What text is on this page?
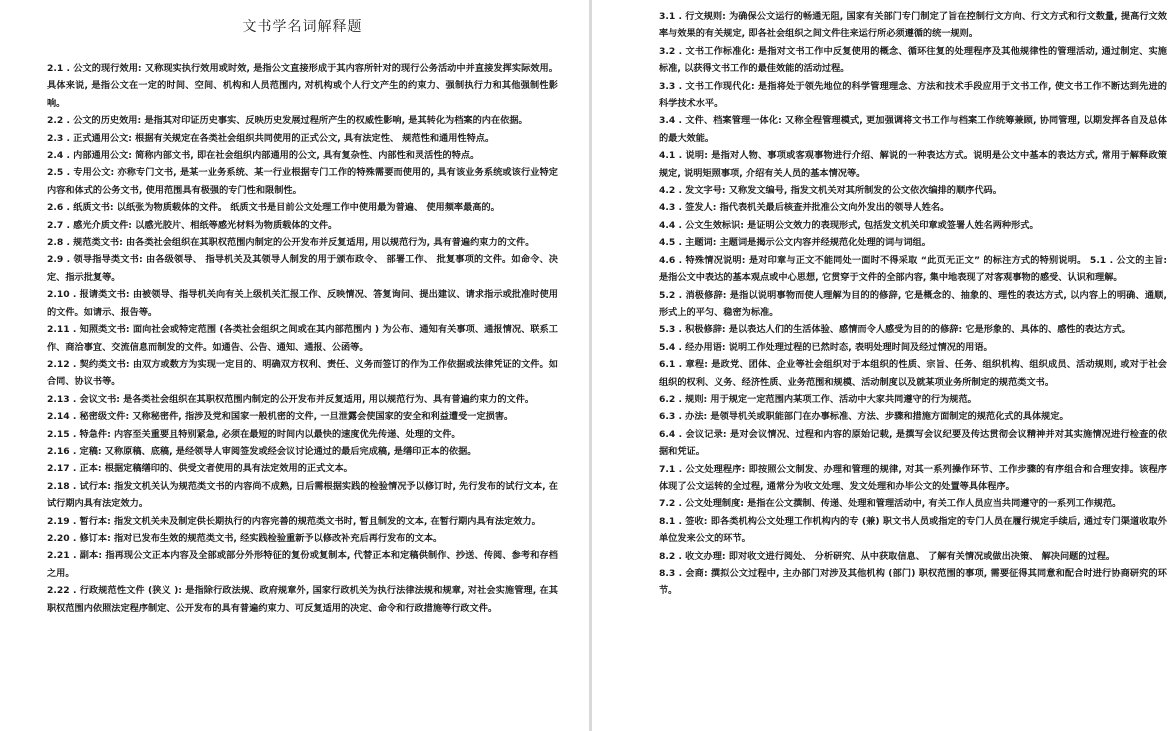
文书学名词解释题

2.1 . 公文的现行效用: 又称现实执行效用或时效, 是指公文直接形成于其内容所针对的现行公务活动中并直接发挥实际效用。具体来说, 是指公文在一定的时间、空间、机构和人员范围内, 对机构或个人行文产生的约束力、强制执行力和其他强制性影响。

2.2 . 公文的历史效用: 是指其对印证历史事实、反映历史发展过程所产生的权威性影响, 是其转化为档案的内在依据。

2.3 . 正式通用公文: 根据有关规定在各类社会组织共同使用的正式公文, 具有法定性、 规范性和通用性特点。

2.4 . 内部通用公文: 简称内部文书, 即在社会组织内部通用的公文, 具有复杂性、内部性和灵活性的特点。

2.5 . 专用公文: 亦称专门文书, 是某一业务系统、某一行业根据专门工作的特殊需要而使用的, 具有该业务系统或该行业特定内容和体式的公务文书, 使用范围具有极强的专门性和限制性。

2.6 . 纸质文书: 以纸张为物质载体的文件。 纸质文书是目前公文处理工作中使用最为普遍、 使用频率最高的。

2.7 . 感光介质文件: 以感光胶片、相纸等感光材料为物质载体的文件。

2.8 . 规范类文书: 由各类社会组织在其职权范围内制定的公开发布并反复适用, 用以规范行为, 具有普遍约束力的文件。

2.9 . 领导指导类文书: 由各级领导、 指导机关及其领导人制发的用于颁布政令、 部署工作、 批复事项的文件。如命令、决定、指示批复等。

2.10 . 报请类文书: 由被领导、指导机关向有关上级机关汇报工作、反映情况、答复询问、提出建议、请求指示或批准时使用的文件。如请示、报告等。

2.11 . 知照类文书: 面向社会或特定范围 (各类社会组织之间或在其内部范围内 ) 为公布、通知有关事项、通报情况、联系工作、商洽事宜、交流信息而制发的文件。如通告、公告、通知、通报、公函等。

2.12 . 契约类文书: 由双方或数方为实现一定目的、明确双方权利、责任、义务而签订的作为工作依据或法律凭证的文件。如合同、协议书等。

2.13 . 会议文书: 是各类社会组织在其职权范围内制定的公开发布并反复适用, 用以规范行为、具有普遍约束力的文件。

2.14 . 秘密级文件: 又称秘密件, 指涉及党和国家一般机密的文件, 一旦泄露会使国家的安全和利益遭受一定损害。

2.15 . 特急件: 内容至关重要且特别紧急, 必须在最短的时间内以最快的速度优先传递、处理的文件。

2.16 . 定稿: 又称原稿、底稿, 是经领导人审阅签发或经会议讨论通过的最后完成稿, 是缮印正本的依据。

2.17 . 正本: 根据定稿缮印的、供受文者使用的具有法定效用的正式文本。

2.18 . 试行本: 指发文机关认为规范类文书的内容尚不成熟, 日后需根据实践的检验情况予以修订时, 先行发布的试行文本, 在试行期内具有法定效力。

2.19 . 暂行本: 指发文机关未及制定供长期执行的内容完善的规范类文书时, 暂且制发的文本, 在暂行期内具有法定效力。

2.20 . 修订本: 指对已发布生效的规范类文书, 经实践检验重新予以修改补充后再行发布的文本。

2.21 . 副本: 指再现公文正本内容及全部或部分外形特征的复份或复制本, 代替正本和定稿供制作、抄送、传阅、参考和存档之用。

2.22 . 行政规范性文件 (狭义 ): 是指除行政法规、政府规章外, 国家行政机关为执行法律法规和规章, 对社会实施管理, 在其职权范围内依照法定程序制定、公开发布的具有普遍约束力、可反复适用的决定、命令和行政措施等行政文件。

3.1 . 行文规则: 为确保公文运行的畅通无阻, 国家有关部门专门制定了旨在控制行文方向、行文方式和行文数量, 提高行文效率与效果的有关规定, 即各社会组织之间文件往来运行所必须遵循的统一规则。

3.2 . 文书工作标准化: 是指对文书工作中反复使用的概念、循环往复的处理程序及其他规律性的管理活动, 通过制定、实施标准, 以获得文书工作的最佳效能的活动过程。

3.3 . 文书工作现代化: 是指将处于领先地位的科学管理理念、方法和技术手段应用于文书工作, 使文书工作不断达到先进的科学技术水平。

3.4 . 文件、档案管理一体化: 又称全程管理模式, 更加强调将文书工作与档案工作统筹兼顾, 协同管理, 以期发挥各自及总体的最大效能。

4.1 . 说明: 是指对人物、事项或客观事物进行介绍、解说的一种表达方式。说明是公文中基本的表达方式, 常用于解释政策规定, 说明矩照事项, 介绍有关人员的基本情况等。

4.2 . 发文字号: 又称发文编号, 指发文机关对其所制发的公文依次编排的顺序代码。

4.3 . 签发人: 指代表机关最后核查并批准公文向外发出的领导人姓名。

4.4 . 公文生效标识: 是证明公文效力的表现形式, 包括发文机关印章或签署人姓名两种形式。

4.5 . 主题词: 主题词是揭示公文内容并经规范化处理的词与词组。

4.6 . 特殊情况说明: 是对印章与正文不能同处一面时不得采取 “此页无正文” 的标注方式的特别说明。 5.1 . 公文的主旨: 是指公文中表达的基本观点或中心思想, 它贯穿于文件的全部内容, 集中地表现了对客观事物的感受、认识和理解。

5.2 . 消极修辞: 是指以说明事物而使人理解为目的的修辞, 它是概念的、抽象的、理性的表达方式, 以内容上的明确、通顺, 形式上的平匀、稳密为标准。

5.3 . 积极修辞: 是以表达人们的生活体验、感情而令人感受为目的的修辞: 它是形象的、具体的、感性的表达方式。

5.4 . 经办用语: 说明工作处理过程的已然时态, 表明处理时间及经过情况的用语。

6.1 . 章程: 是政党、团体、企业等社会组织对于本组织的性质、宗旨、任务、组织机构、组织成员、活动规则, 或对于社会组织的权利、义务、经济性质、业务范围和规模、活动制度以及就某项业务所制定的规范类文书。

6.2 . 规则: 用于规定一定范围内某项工作、活动中大家共同遵守的行为规范。

6.3 . 办法: 是领导机关或职能部门在办事标准、方法、步骤和措施方面制定的规范化式的具体规定。

6.4 . 会议记录: 是对会议情况、过程和内容的原始记载, 是撰写会议纪要及传达贯彻会议精神并对其实施情况进行检查的依据和凭证。

7.1 . 公文处理程序: 即按照公文制发、办理和管理的规律, 对其一系列操作环节、工作步骤的有序组合和合理安排。该程序体现了公文运转的全过程, 通常分为收文处理、发文处理和办毕公文的处置等具体程序。

7.2 . 公文处理制度: 是指在公文撰制、传递、处理和管理活动中, 有关工作人员应当共同遵守的一系列工作规范。

8.1 . 签收: 即各类机构公文处理工作机构内的专 (兼) 职文书人员或指定的专门人员在履行规定手续后, 通过专门渠道收取外单位发来公文的环节。

8.2 . 收文办理: 即对收文进行阅处、 分析研究、从中获取信息、 了解有关情况或做出决策、 解决问题的过程。

8.3 . 会商: 撰拟公文过程中, 主办部门对涉及其他机构 (部门) 职权范围的事项, 需要征得其同意和配合时进行协商研究的环节。
